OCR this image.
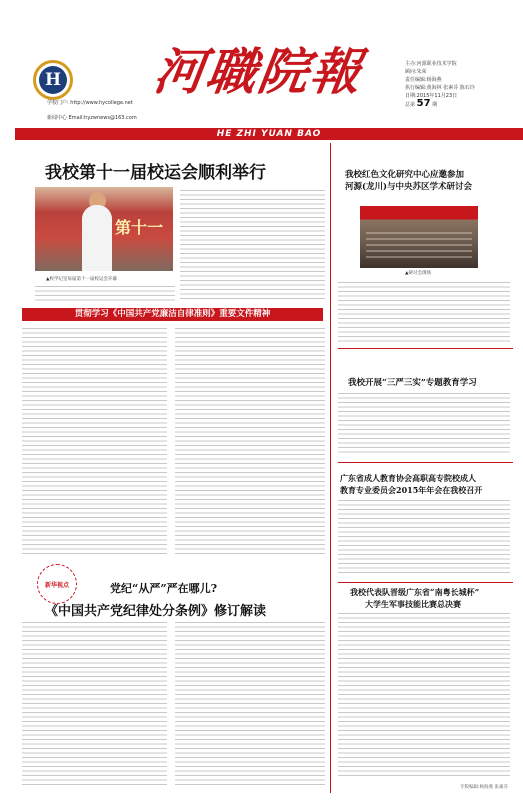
H
学校门户: http://www.hycollege.net
新闻中心 Email:hyzwnews@163.com
河職院報	主办:河源职业技术学院
顾问:朱荣
责任编辑:杨海燕
执行编辑:黄海林 张素芬 陈石玲
日期:2015年11月23日
总第 57 期
HE ZHI YUAN BAO
我校第十一届校运会顺利举行
第十一
▲校学记室每届第十一届校运会开幕
贯彻学习《中国共产党廉洁自律准则》重要文件精神
新华视点	党纪“从严”严在哪儿?
《中国共产党纪律处分条例》修订解读
我校红色文化研究中心应邀参加
河源(龙川)与中央苏区学术研讨会
▲研讨会现场
我校开展“三严三实”专题教育学习
广东省成人教育协会高职高专院校成人
教育专业委员会2015年年会在我校召开
我校代表队晋级广东省“南粤长城杯”
大学生军事技能比赛总决赛
专版编辑:杨海燕 张素芬
